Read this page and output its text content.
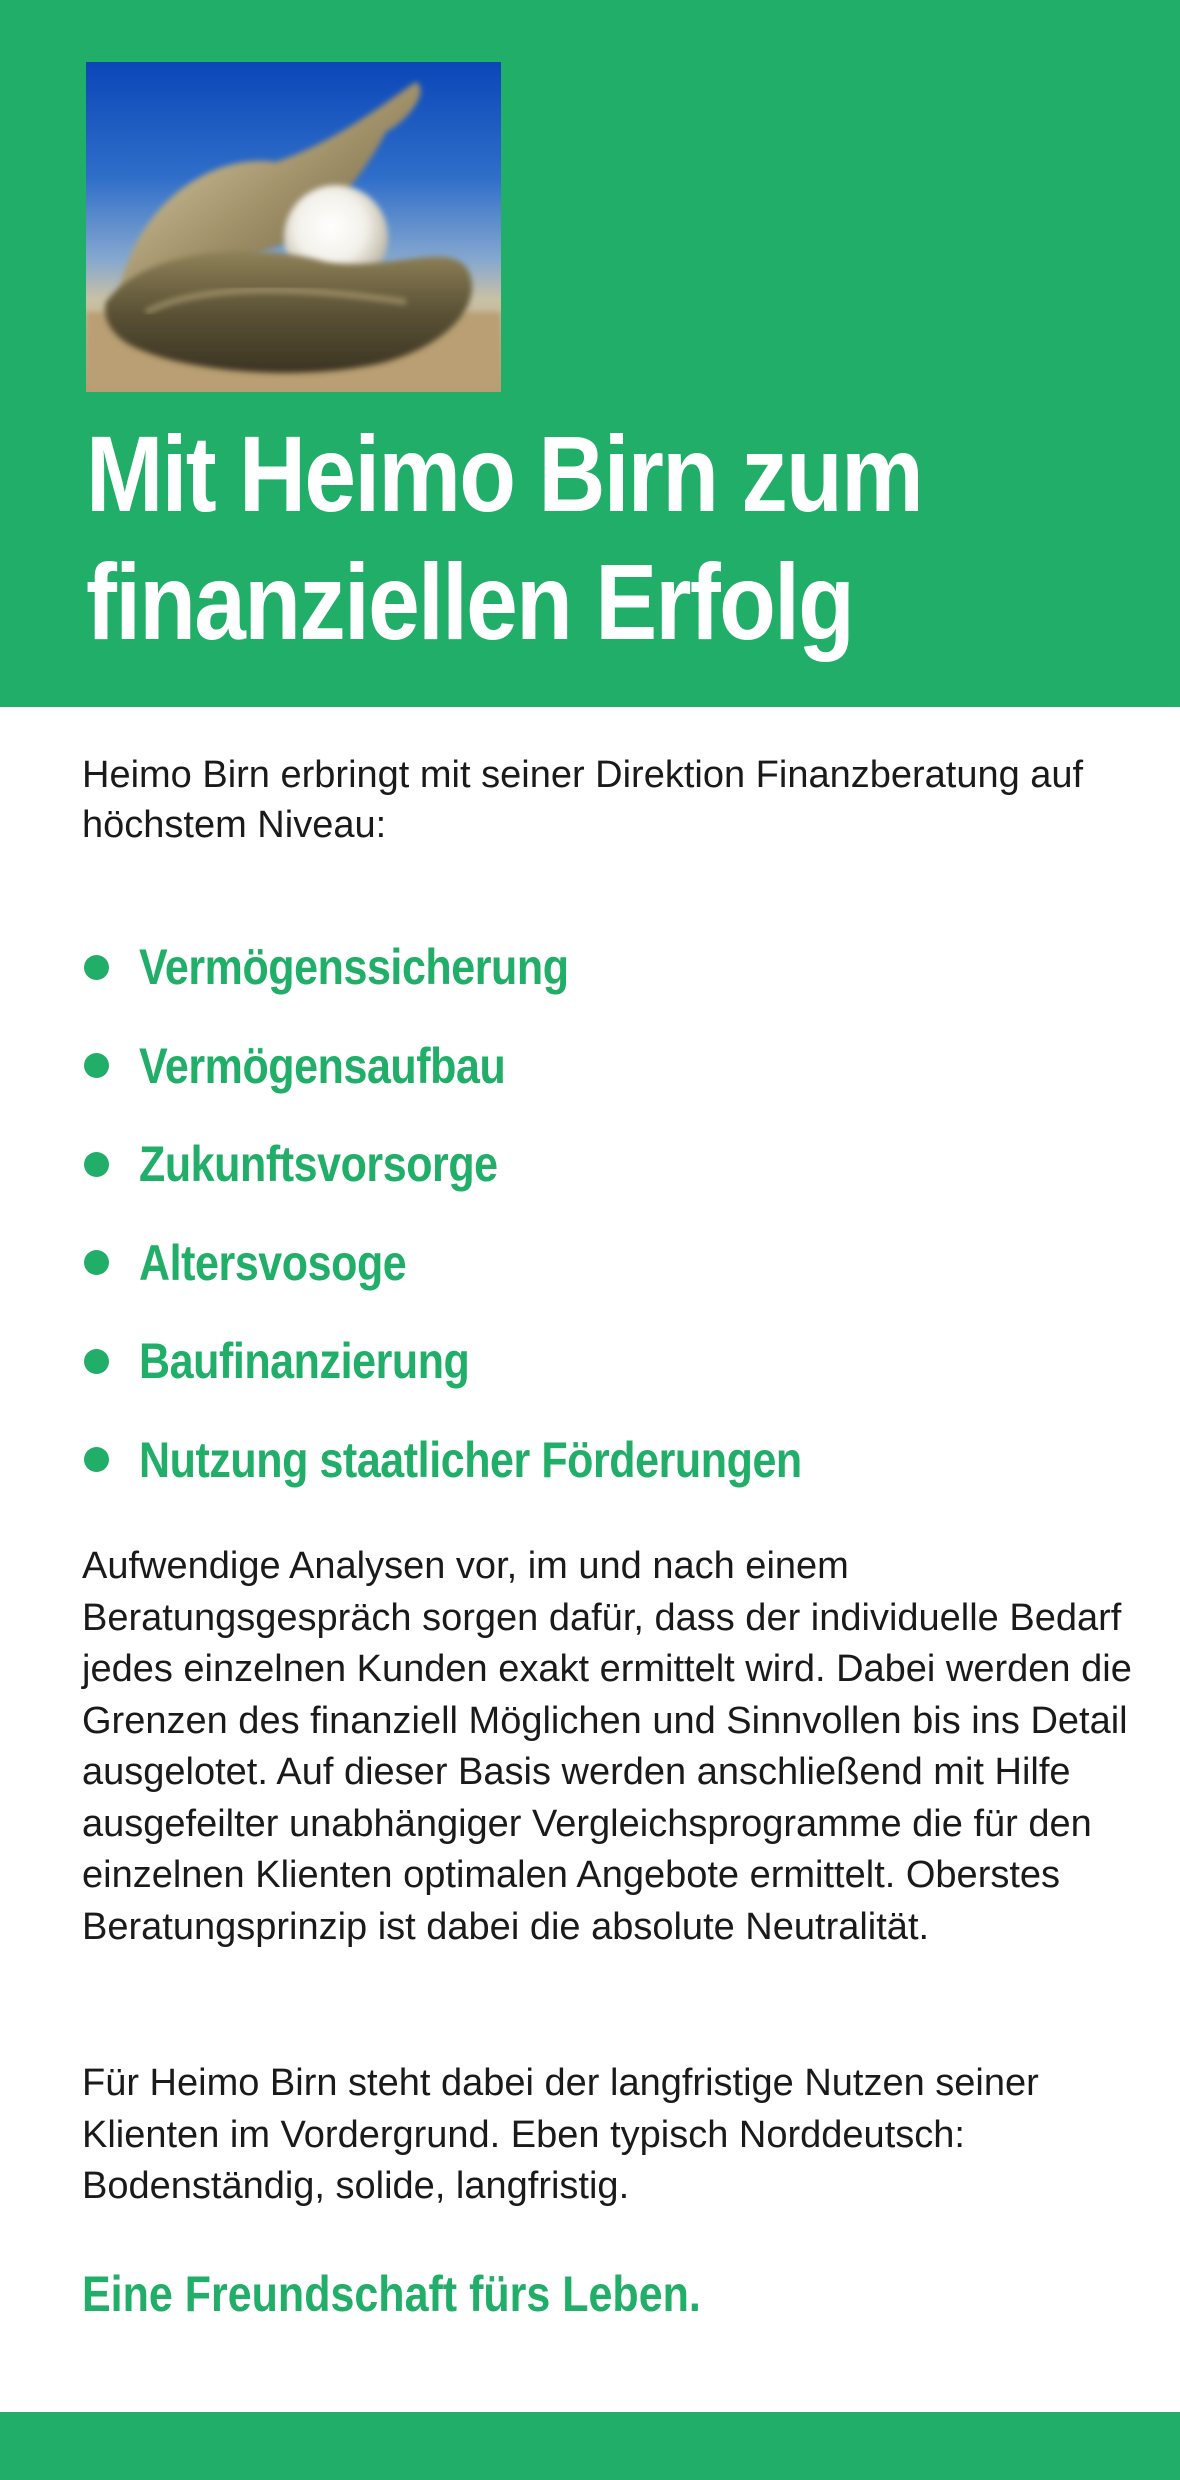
Mit Heimo Birn zum finanziellen Erfolg

Heimo Birn erbringt mit seiner Direktion Finanzberatung auf höchstem Niveau:

Vermögenssicherung
Vermögensaufbau
Zukunftsvorsorge
Altersvosoge
Baufinanzierung
Nutzung staatlicher Förderungen

Aufwendige Analysen vor, im und nach einem Beratungsgespräch sorgen dafür, dass der individuelle Bedarf jedes einzelnen Kunden exakt ermittelt wird. Dabei werden die Grenzen des finanziell Möglichen und Sinnvollen bis ins Detail ausgelotet. Auf dieser Basis werden anschließend mit Hilfe ausgefeilter unabhängiger Vergleichsprogramme die für den einzelnen Klienten optimalen Angebote ermittelt. Oberstes Beratungsprinzip ist dabei die absolute Neutralität.

Für Heimo Birn steht dabei der langfristige Nutzen seiner Klienten im Vordergrund. Eben typisch Norddeutsch: Bodenständig, solide, langfristig.

Eine Freundschaft fürs Leben.
